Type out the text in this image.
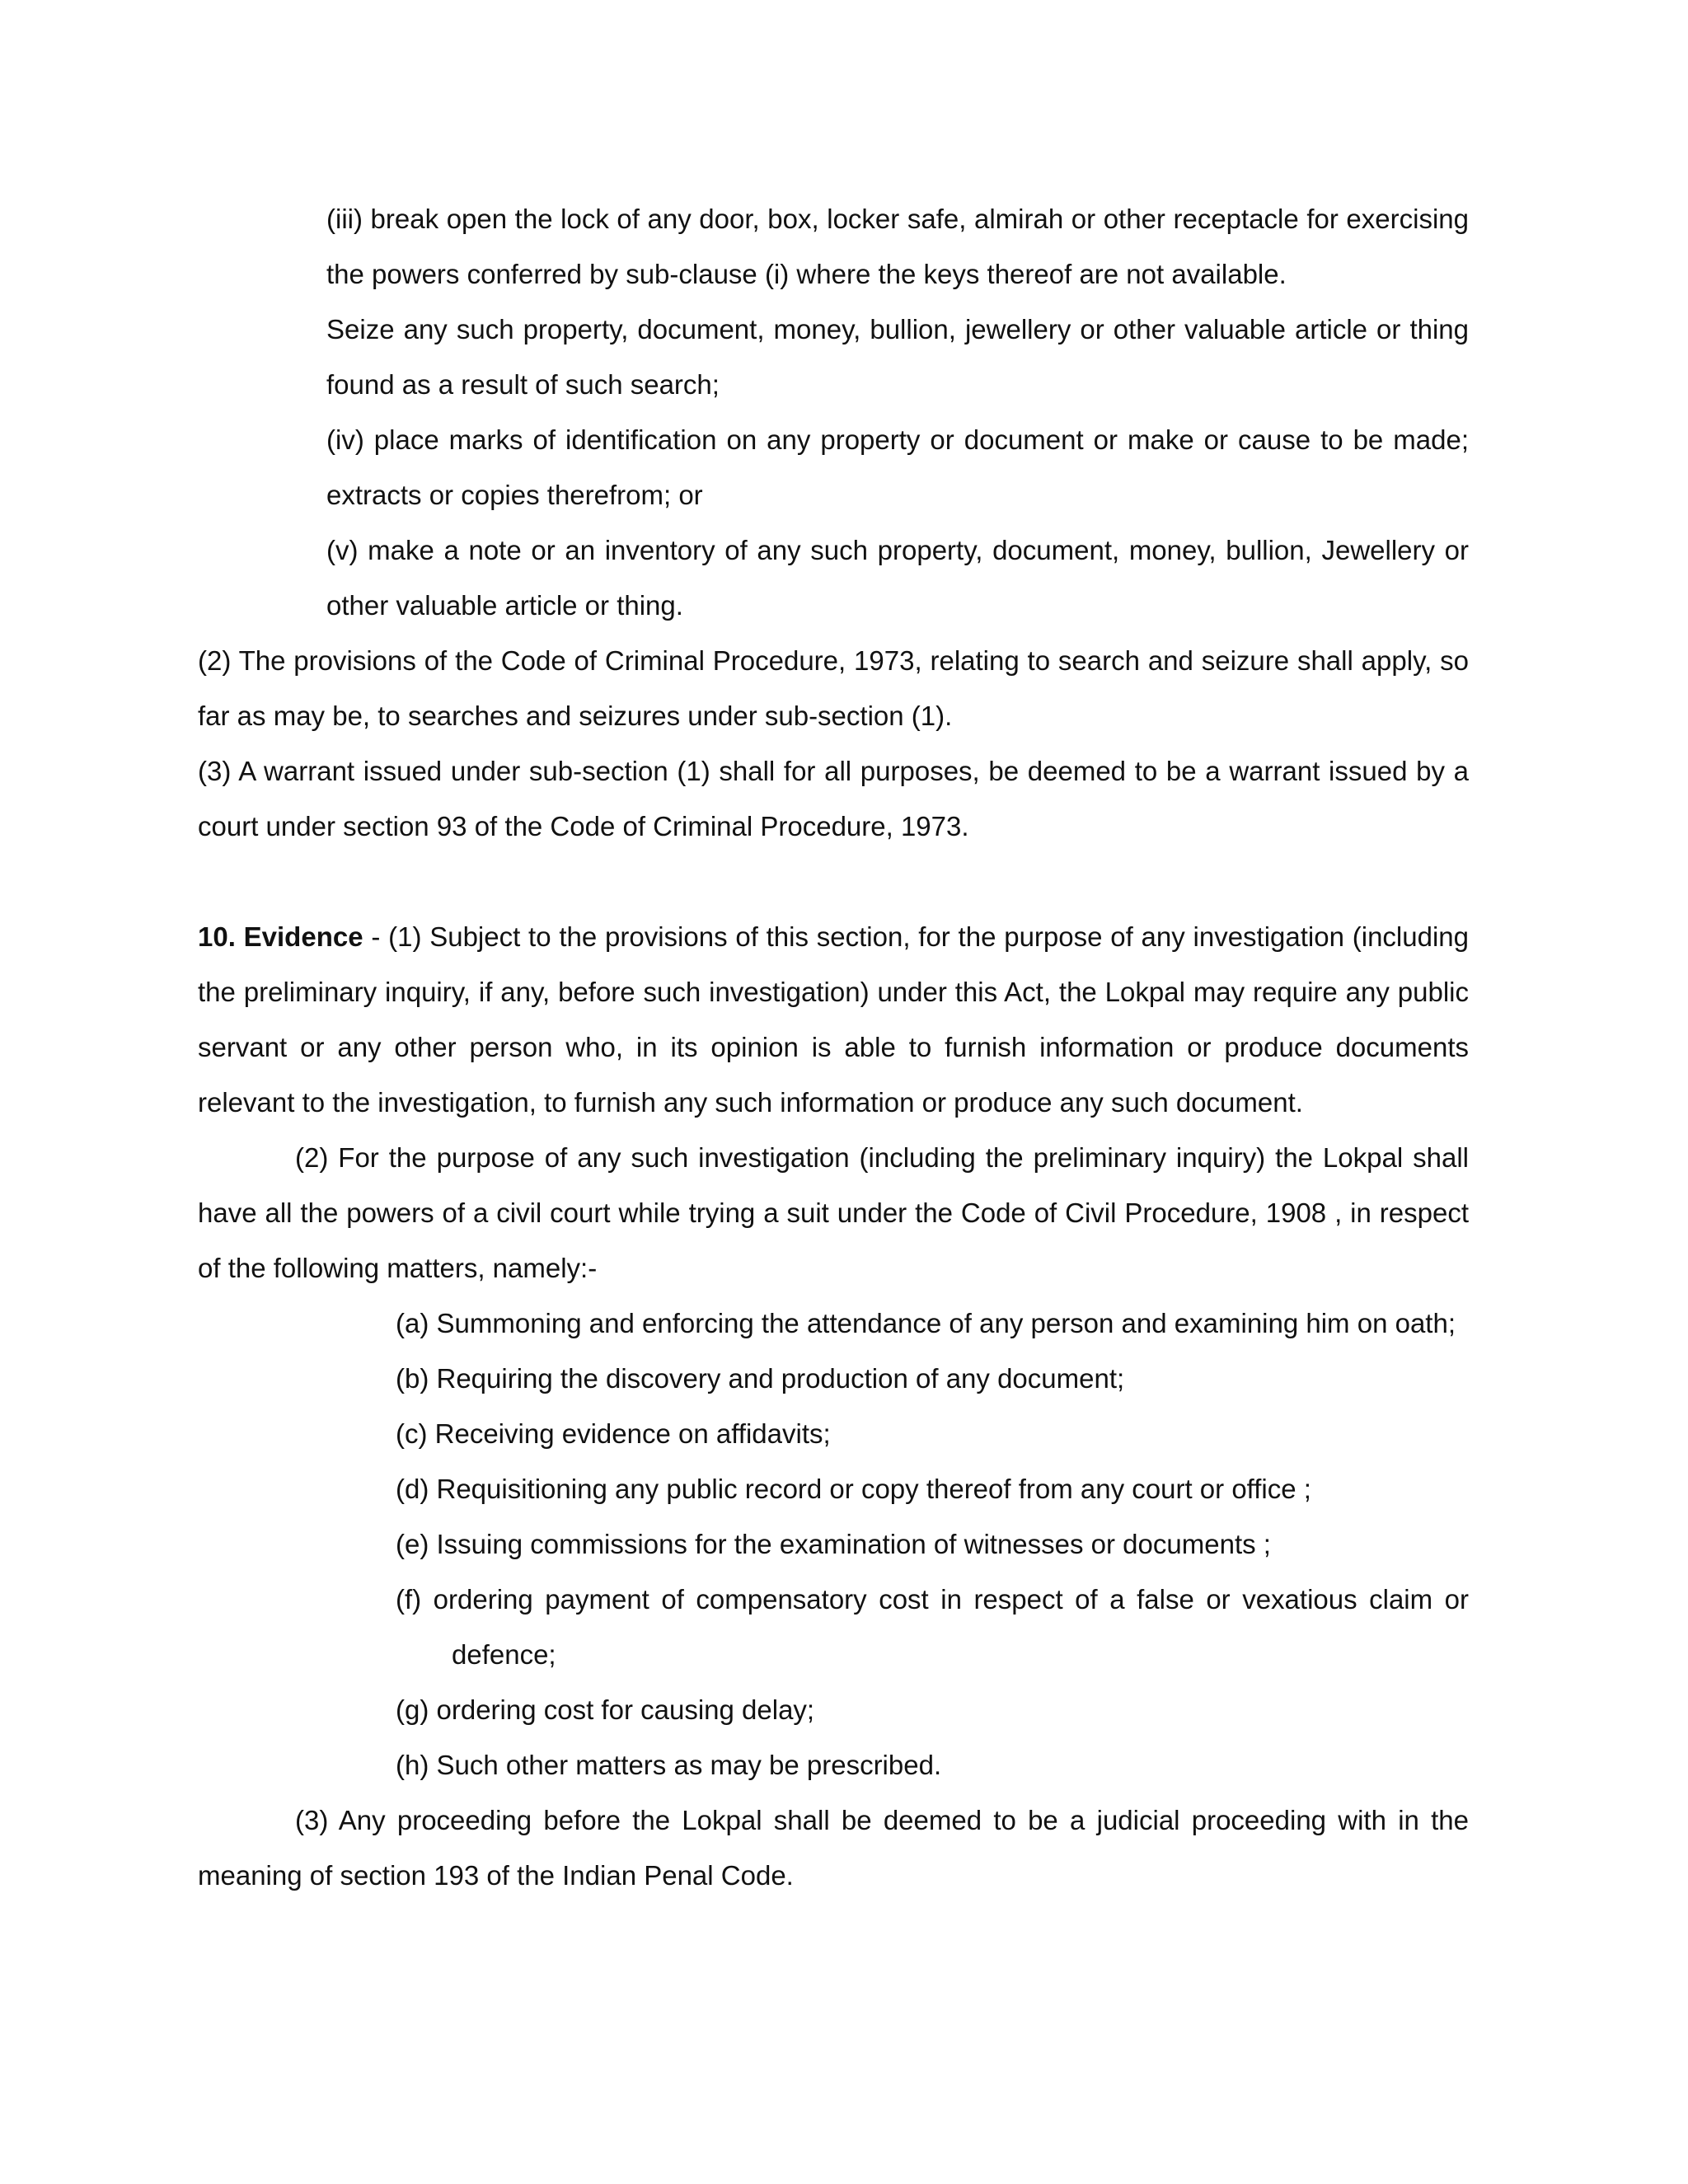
(iii) break open the lock of any door, box, locker safe, almirah or other receptacle for exercising the powers conferred by sub-clause (i) where the keys thereof are not available.

Seize any such property, document, money, bullion, jewellery or other valuable article or thing found as a result of such search;

(iv) place marks of identification on any property or document or make or cause to be made; extracts or copies therefrom; or

(v) make a note or an inventory of any such property, document, money, bullion, Jewellery or other valuable article or thing.

(2) The provisions of the Code of Criminal Procedure, 1973, relating to search and seizure shall apply, so far as may be, to searches and seizures under sub-section (1).

(3) A warrant issued under sub-section (1) shall for all purposes, be deemed to be a warrant issued by a court under section 93 of the Code of Criminal Procedure, 1973.

10. Evidence - (1) Subject to the provisions of this section, for the purpose of any investigation (including the preliminary inquiry, if any, before such investigation) under this Act, the Lokpal may require any public servant or any other person who, in its opinion is able to furnish information or produce documents relevant to the investigation, to furnish any such information or produce any such document.

(2) For the purpose of any such investigation (including the preliminary inquiry) the Lokpal shall have all the powers of a civil court while trying a suit under the Code of Civil Procedure, 1908 , in respect of the following matters, namely:-

(a) Summoning and enforcing the attendance of any person and examining him on oath;

(b) Requiring the discovery and production of any document;

(c) Receiving evidence on affidavits;

(d) Requisitioning any public record or copy thereof from any court or office ;

(e) Issuing commissions for the examination of witnesses or documents ;

(f) ordering payment of compensatory cost in respect of a false or vexatious claim or defence;

(g) ordering cost for causing delay;

(h) Such other matters as may be prescribed.

(3) Any proceeding before the Lokpal shall be deemed to be a judicial proceeding with in the meaning of section 193 of the Indian Penal Code.
